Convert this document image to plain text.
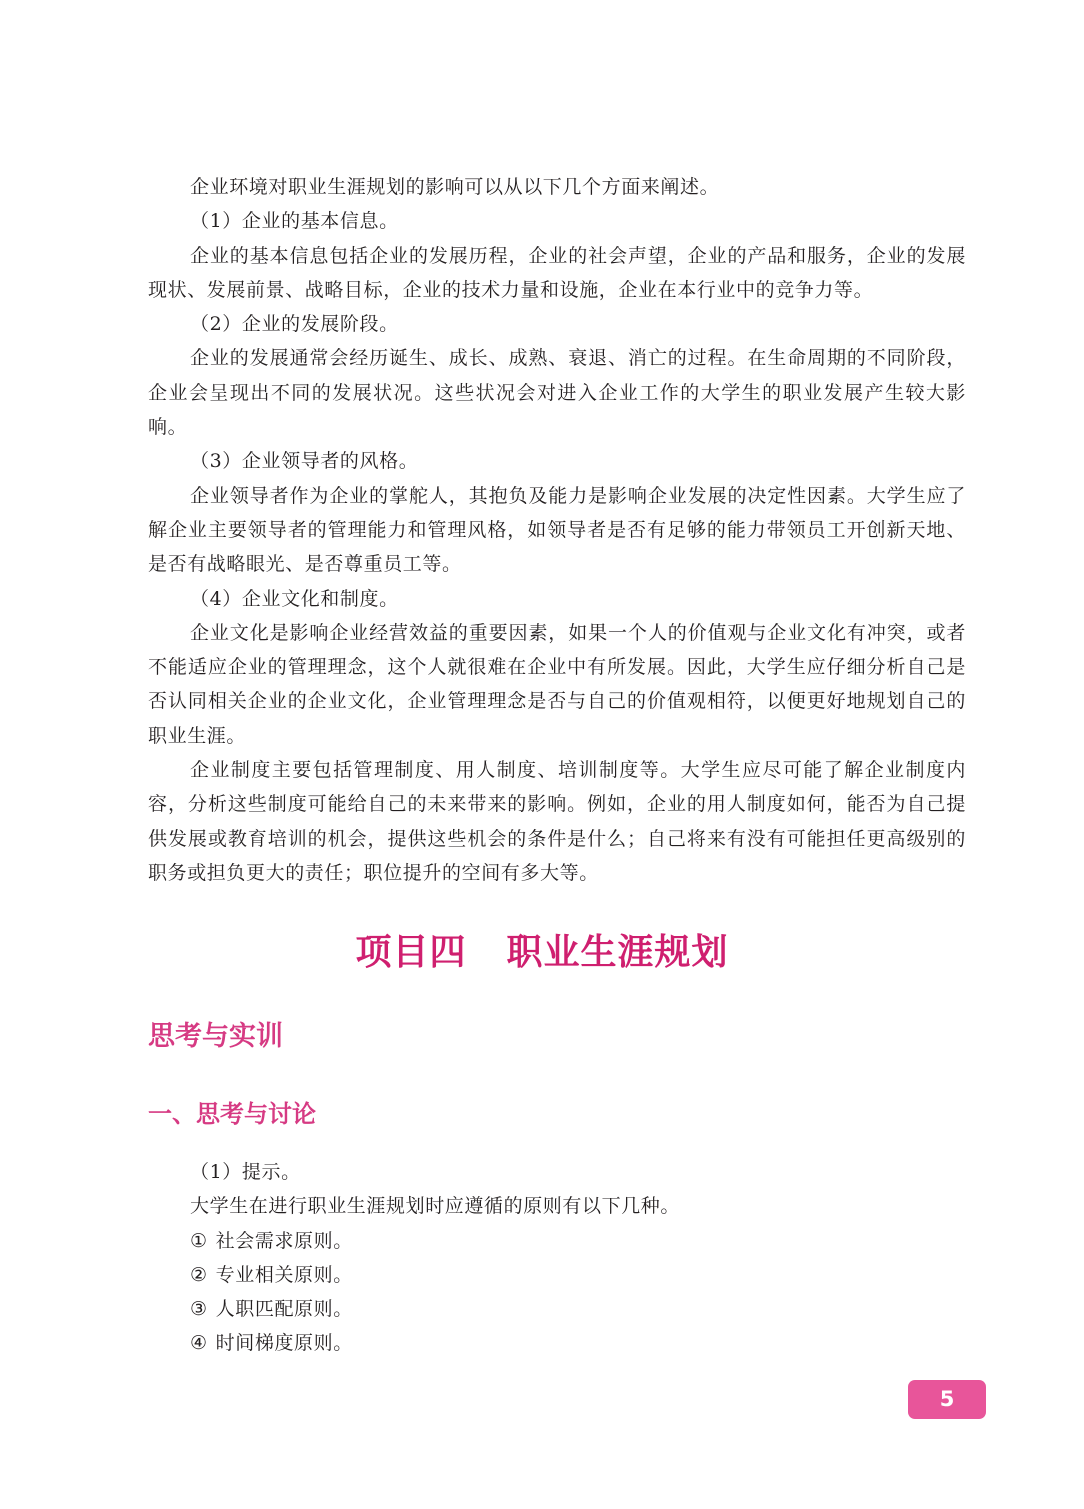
企业环境对职业生涯规划的影响可以从以下几个方面来阐述。

（1）企业的基本信息。

企业的基本信息包括企业的发展历程，企业的社会声望，企业的产品和服务，企业的发展现状、发展前景、战略目标，企业的技术力量和设施，企业在本行业中的竞争力等。

（2）企业的发展阶段。

企业的发展通常会经历诞生、成长、成熟、衰退、消亡的过程。在生命周期的不同阶段，企业会呈现出不同的发展状况。这些状况会对进入企业工作的大学生的职业发展产生较大影响。

（3）企业领导者的风格。

企业领导者作为企业的掌舵人，其抱负及能力是影响企业发展的决定性因素。大学生应了解企业主要领导者的管理能力和管理风格，如领导者是否有足够的能力带领员工开创新天地、是否有战略眼光、是否尊重员工等。

（4）企业文化和制度。

企业文化是影响企业经营效益的重要因素，如果一个人的价值观与企业文化有冲突，或者不能适应企业的管理理念，这个人就很难在企业中有所发展。因此，大学生应仔细分析自己是否认同相关企业的企业文化，企业管理理念是否与自己的价值观相符，以便更好地规划自己的职业生涯。

企业制度主要包括管理制度、用人制度、培训制度等。大学生应尽可能了解企业制度内容，分析这些制度可能给自己的未来带来的影响。例如，企业的用人制度如何，能否为自己提供发展或教育培训的机会，提供这些机会的条件是什么；自己将来有没有可能担任更高级别的职务或担负更大的责任；职位提升的空间有多大等。

项目四 职业生涯规划
思考与实训
一、思考与讨论

（1）提示。

大学生在进行职业生涯规划时应遵循的原则有以下几种。

① 社会需求原则。

② 专业相关原则。

③ 人职匹配原则。

④ 时间梯度原则。

5
